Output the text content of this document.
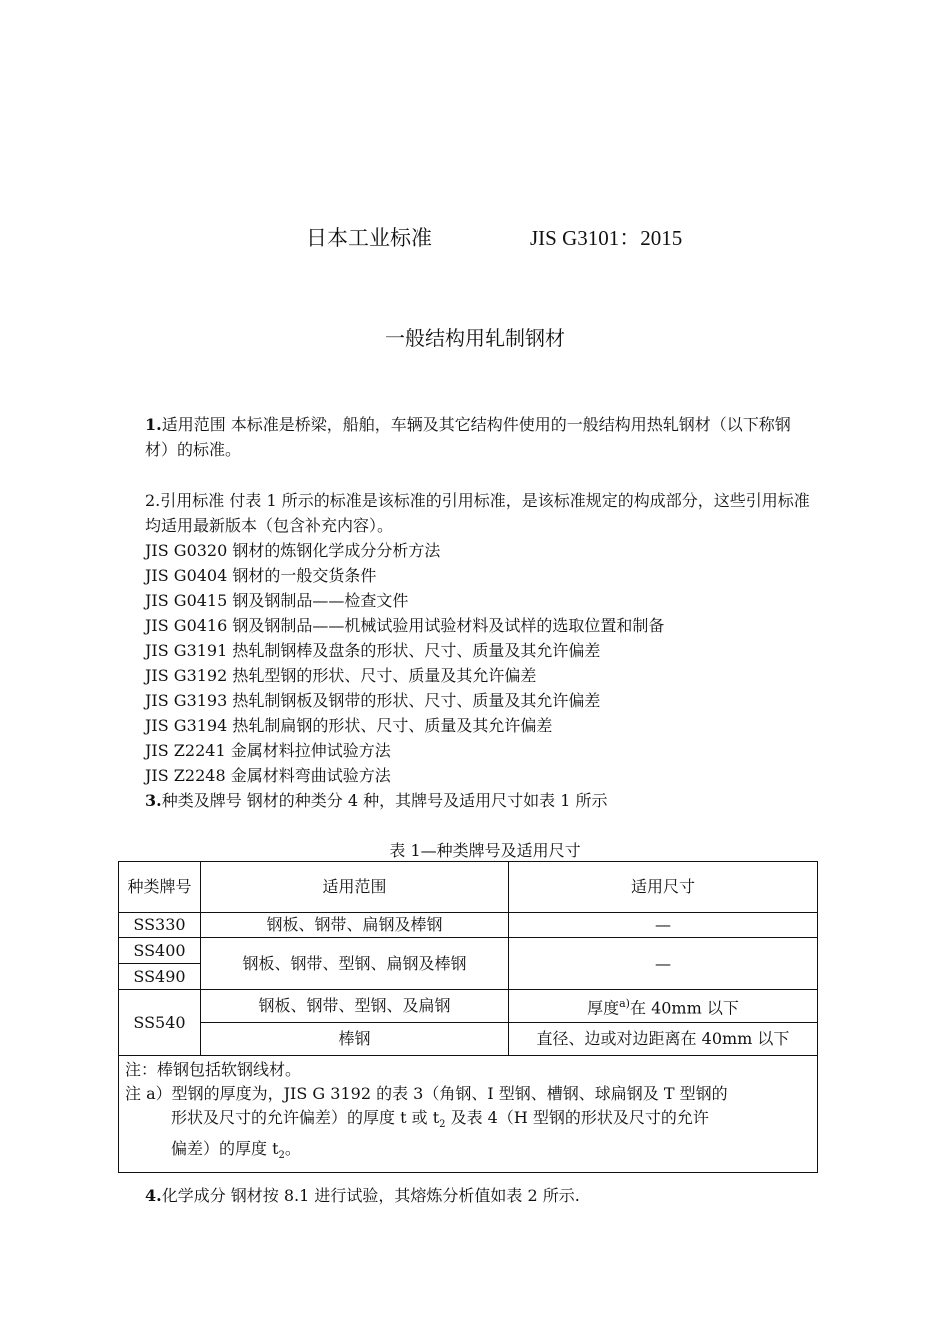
日本工业标准	JIS G3101：2015
一般结构用轧制钢材
1.适用范围 本标准是桥梁，船舶，车辆及其它结构件使用的一般结构用热轧钢材（以下称钢材）的标准。
2.引用标准 付表 1 所示的标准是该标准的引用标准，是该标准规定的构成部分，这些引用标准均适用最新版本（包含补充内容）。
JIS G0320 钢材的炼钢化学成分分析方法
JIS G0404 钢材的一般交货条件
JIS G0415 钢及钢制品——检查文件
JIS G0416 钢及钢制品——机械试验用试验材料及试样的选取位置和制备
JIS G3191 热轧制钢棒及盘条的形状、尺寸、质量及其允许偏差
JIS G3192 热轧型钢的形状、尺寸、质量及其允许偏差
JIS G3193 热轧制钢板及钢带的形状、尺寸、质量及其允许偏差
JIS G3194 热轧制扁钢的形状、尺寸、质量及其允许偏差
JIS Z2241 金属材料拉伸试验方法
JIS Z2248 金属材料弯曲试验方法
3.种类及牌号 钢材的种类分 4 种，其牌号及适用尺寸如表 1 所示
表 1—种类牌号及适用尺寸
种类牌号	适用范围	适用尺寸
SS330	钢板、钢带、扁钢及棒钢	—
SS400	钢板、钢带、型钢、扁钢及棒钢	—
SS490		
SS540	钢板、钢带、型钢、及扁钢	厚度$^{a)}$在 40mm 以下
	棒钢	直径、边或对边距离在 40mm 以下

注：棒钢包括软钢线材。
注 a）型钢的厚度为，JIS G 3192 的表 3（角钢、I 型钢、槽钢、球扁钢及 T 型钢的
形状及尺寸的允许偏差）的厚度 t 或 $t_2$ 及表 4（H 型钢的形状及尺寸的允许
偏差）的厚度 $t_2$。		
4.化学成分 钢材按 8.1 进行试验，其熔炼分析值如表 2 所示.
